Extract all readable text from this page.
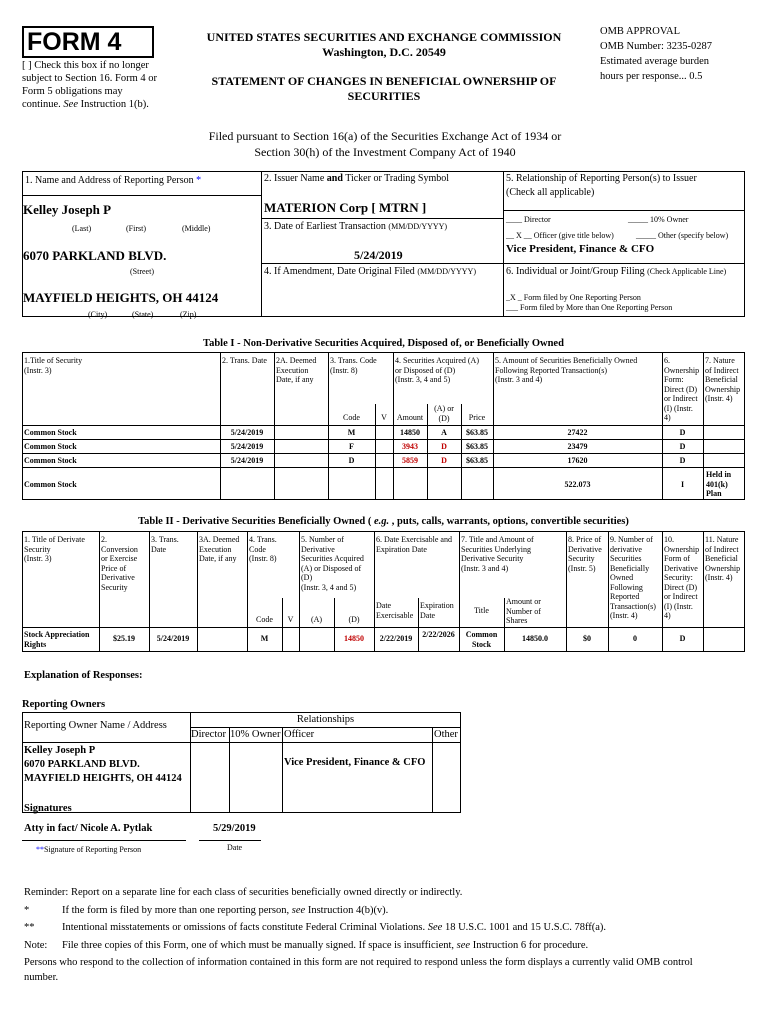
FORM 4
[ ] Check this box if no longer
subject to Section 16. Form 4 or
Form 5 obligations may
continue. See Instruction 1(b).
UNITED STATES SECURITIES AND EXCHANGE COMMISSION
Washington, D.C. 20549
STATEMENT OF CHANGES IN BENEFICIAL OWNERSHIP OF
SECURITIES
OMB APPROVAL
OMB Number: 3235-0287
Estimated average burden
hours per response... 0.5
Filed pursuant to Section 16(a) of the Securities Exchange Act of 1934 or
Section 30(h) of the Investment Company Act of 1940
1. Name and Address of Reporting Person *
Kelley Joseph P
(Last)	(First)	(Middle)
6070 PARKLAND BLVD.
(Street)
MAYFIELD HEIGHTS, OH 44124
(City)	(State)	(Zip)
2. Issuer Name and Ticker or Trading Symbol
MATERION Corp [ MTRN ]
3. Date of Earliest Transaction (MM/DD/YYYY)
5/24/2019
4. If Amendment, Date Original Filed (MM/DD/YYYY)
5. Relationship of Reporting Person(s) to Issuer
(Check all applicable)
____ Director	_____ 10% Owner
__ X __ Officer (give title below)	_____ Other (specify below)
Vice President, Finance & CFO
6. Individual or Joint/Group Filing (Check Applicable Line)
_X _ Form filed by One Reporting Person
___ Form filed by More than One Reporting Person
Table I - Non-Derivative Securities Acquired, Disposed of, or Beneficially Owned
1.Title of Security
(Instr. 3)
2. Trans. Date 2A. Deemed
Execution
Date, if any
3. Trans. Code
(Instr. 8)
4. Securities Acquired (A)
or Disposed of (D)
(Instr. 3, 4 and 5)
5. Amount of Securities Beneficially Owned
Following Reported Transaction(s)
(Instr. 3 and 4)
6.
Ownership
Form:
Direct (D)
or Indirect
(I) (Instr.
4)
7. Nature
of Indirect
Beneficial
Ownership
(Instr. 4)
Code	V	Amount
(A) or
(D)	Price
Common Stock	5/24/2019	M	14850	A	$63.85	27422	D
Common Stock	5/24/2019	F	3943	D	$63.85	23479	D
Common Stock	5/24/2019	D	5859	D	$63.85	17620	D
Common Stock	522.073	I
Held in
401(k)
Plan
Table II - Derivative Securities Beneficially Owned ( e.g. , puts, calls, warrants, options, convertible securities)
1. Title of Derivate
Security
(Instr. 3)
2.
Conversion
or Exercise
Price of
Derivative
Security
3. Trans.
Date
3A. Deemed
Execution
Date, if any
4. Trans.
Code
(Instr. 8)
5. Number of
Derivative
Securities Acquired
(A) or Disposed of
(D)
(Instr. 3, 4 and 5)
6. Date Exercisable and
Expiration Date
7. Title and Amount of
Securities Underlying
Derivative Security
(Instr. 3 and 4)
8. Price of
Derivative
Security
(Instr. 5)
9. Number of
derivative
Securities
Beneficially
Owned
Following
Reported
Transaction(s)
(Instr. 4)
10.
Ownership
Form of
Derivative
Security:
Direct (D)
or Indirect
(I) (Instr.
4)
11. Nature
of Indirect
Beneficial
Ownership
(Instr. 4)
Code	V	(A)	(D)
Date
Exercisable
Expiration
Date	Title
Amount or
Number of
Shares
Stock Appreciation
Rights
$25.19	5/24/2019	M	14850	2/22/2019	2/22/2026	Common
Stock
14850.0	$0	0	D
Explanation of Responses:
Reporting Owners
Reporting Owner Name / Address
Relationships
Director 10% Owner Officer	Other
Kelley Joseph P
6070 PARKLAND BLVD.
MAYFIELD HEIGHTS, OH 44124
Vice President, Finance & CFO
Signatures
Atty in fact/ Nicole A. Pytlak	5/29/2019
**Signature of Reporting Person	Date
Reminder: Report on a separate line for each class of securities beneficially owned directly or indirectly.
*	If the form is filed by more than one reporting person, see Instruction 4(b)(v).
**	Intentional misstatements or omissions of facts constitute Federal Criminal Violations. See 18 U.S.C. 1001 and 15 U.S.C. 78ff(a).
Note: File three copies of this Form, one of which must be manually signed. If space is insufficient, see Instruction 6 for procedure.
Persons who respond to the collection of information contained in this form are not required to respond unless the form displays a currently valid OMB control
number.
